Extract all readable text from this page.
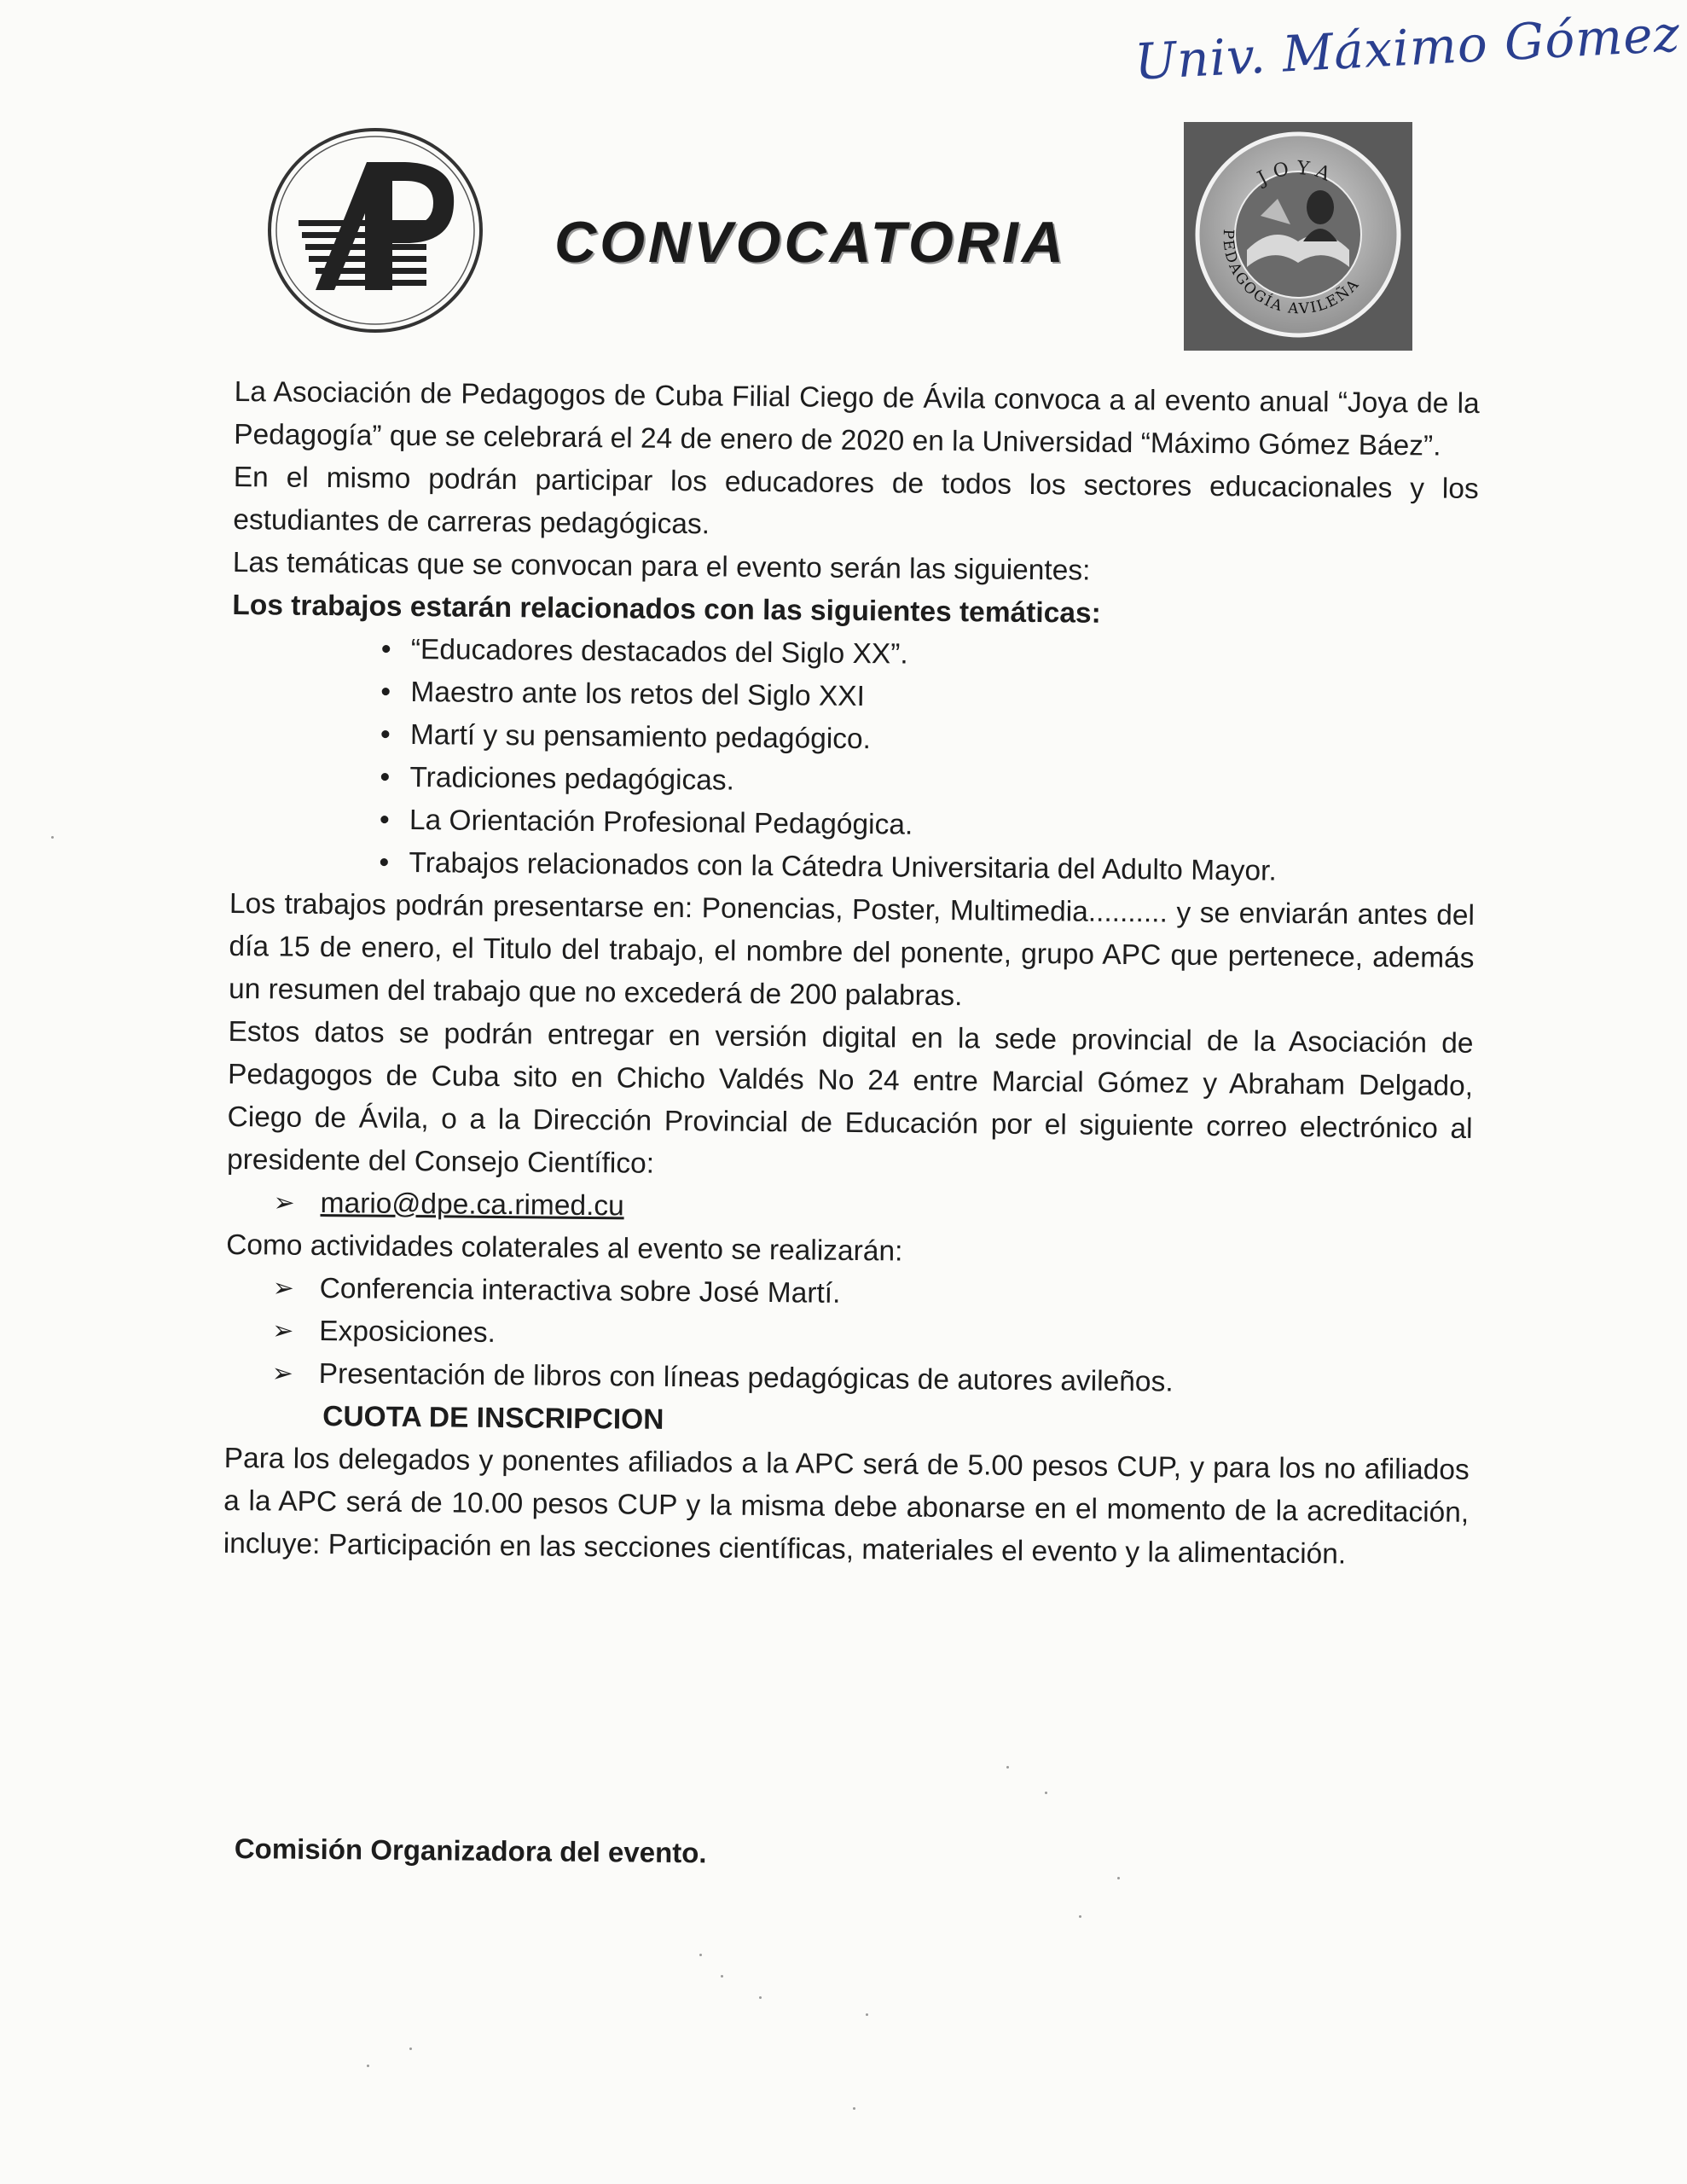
Univ. Máximo Gómez
CONVOCATORIA
JOYA
PEDAGOGÍA AVILEÑA

La Asociación de Pedagogos de Cuba Filial Ciego de Ávila convoca a al evento anual “Joya de la Pedagogía” que se celebrará el 24 de enero de 2020 en la Universidad “Máximo Gómez Báez”.

En el mismo podrán participar los educadores de todos los sectores educacionales y los estudiantes de carreras pedagógicas.

Las temáticas que se convocan para el evento serán las siguientes:

Los trabajos estarán relacionados con las siguientes temáticas:

• “Educadores destacados del Siglo XX”.
• Maestro ante los retos del Siglo XXI
• Martí y su pensamiento pedagógico.
• Tradiciones pedagógicas.
• La Orientación Profesional Pedagógica.
• Trabajos relacionados con la Cátedra Universitaria del Adulto Mayor.

Los trabajos podrán presentarse en: Ponencias, Poster, Multimedia.......... y se enviarán antes del día 15 de enero, el Titulo del trabajo, el nombre del ponente, grupo APC que pertenece, además un resumen del trabajo que no excederá de 200 palabras.

Estos datos se podrán entregar en versión digital en la sede provincial de la Asociación de Pedagogos de Cuba sito en Chicho Valdés No 24 entre Marcial Gómez y Abraham Delgado, Ciego de Ávila, o a la Dirección Provincial de Educación por el siguiente correo electrónico al presidente del Consejo Científico:

➢ mario@dpe.ca.rimed.cu

Como actividades colaterales al evento se realizarán:

➢ Conferencia interactiva sobre José Martí.
➢ Exposiciones.
➢ Presentación de libros con líneas pedagógicas de autores avileños.

CUOTA DE INSCRIPCION

Para los delegados y ponentes afiliados a la APC será de 5.00 pesos CUP, y para los no afiliados a la APC será de 10.00 pesos CUP y la misma debe abonarse en el momento de la acreditación, incluye: Participación en las secciones científicas, materiales el evento y la alimentación.

Comisión Organizadora del evento.
